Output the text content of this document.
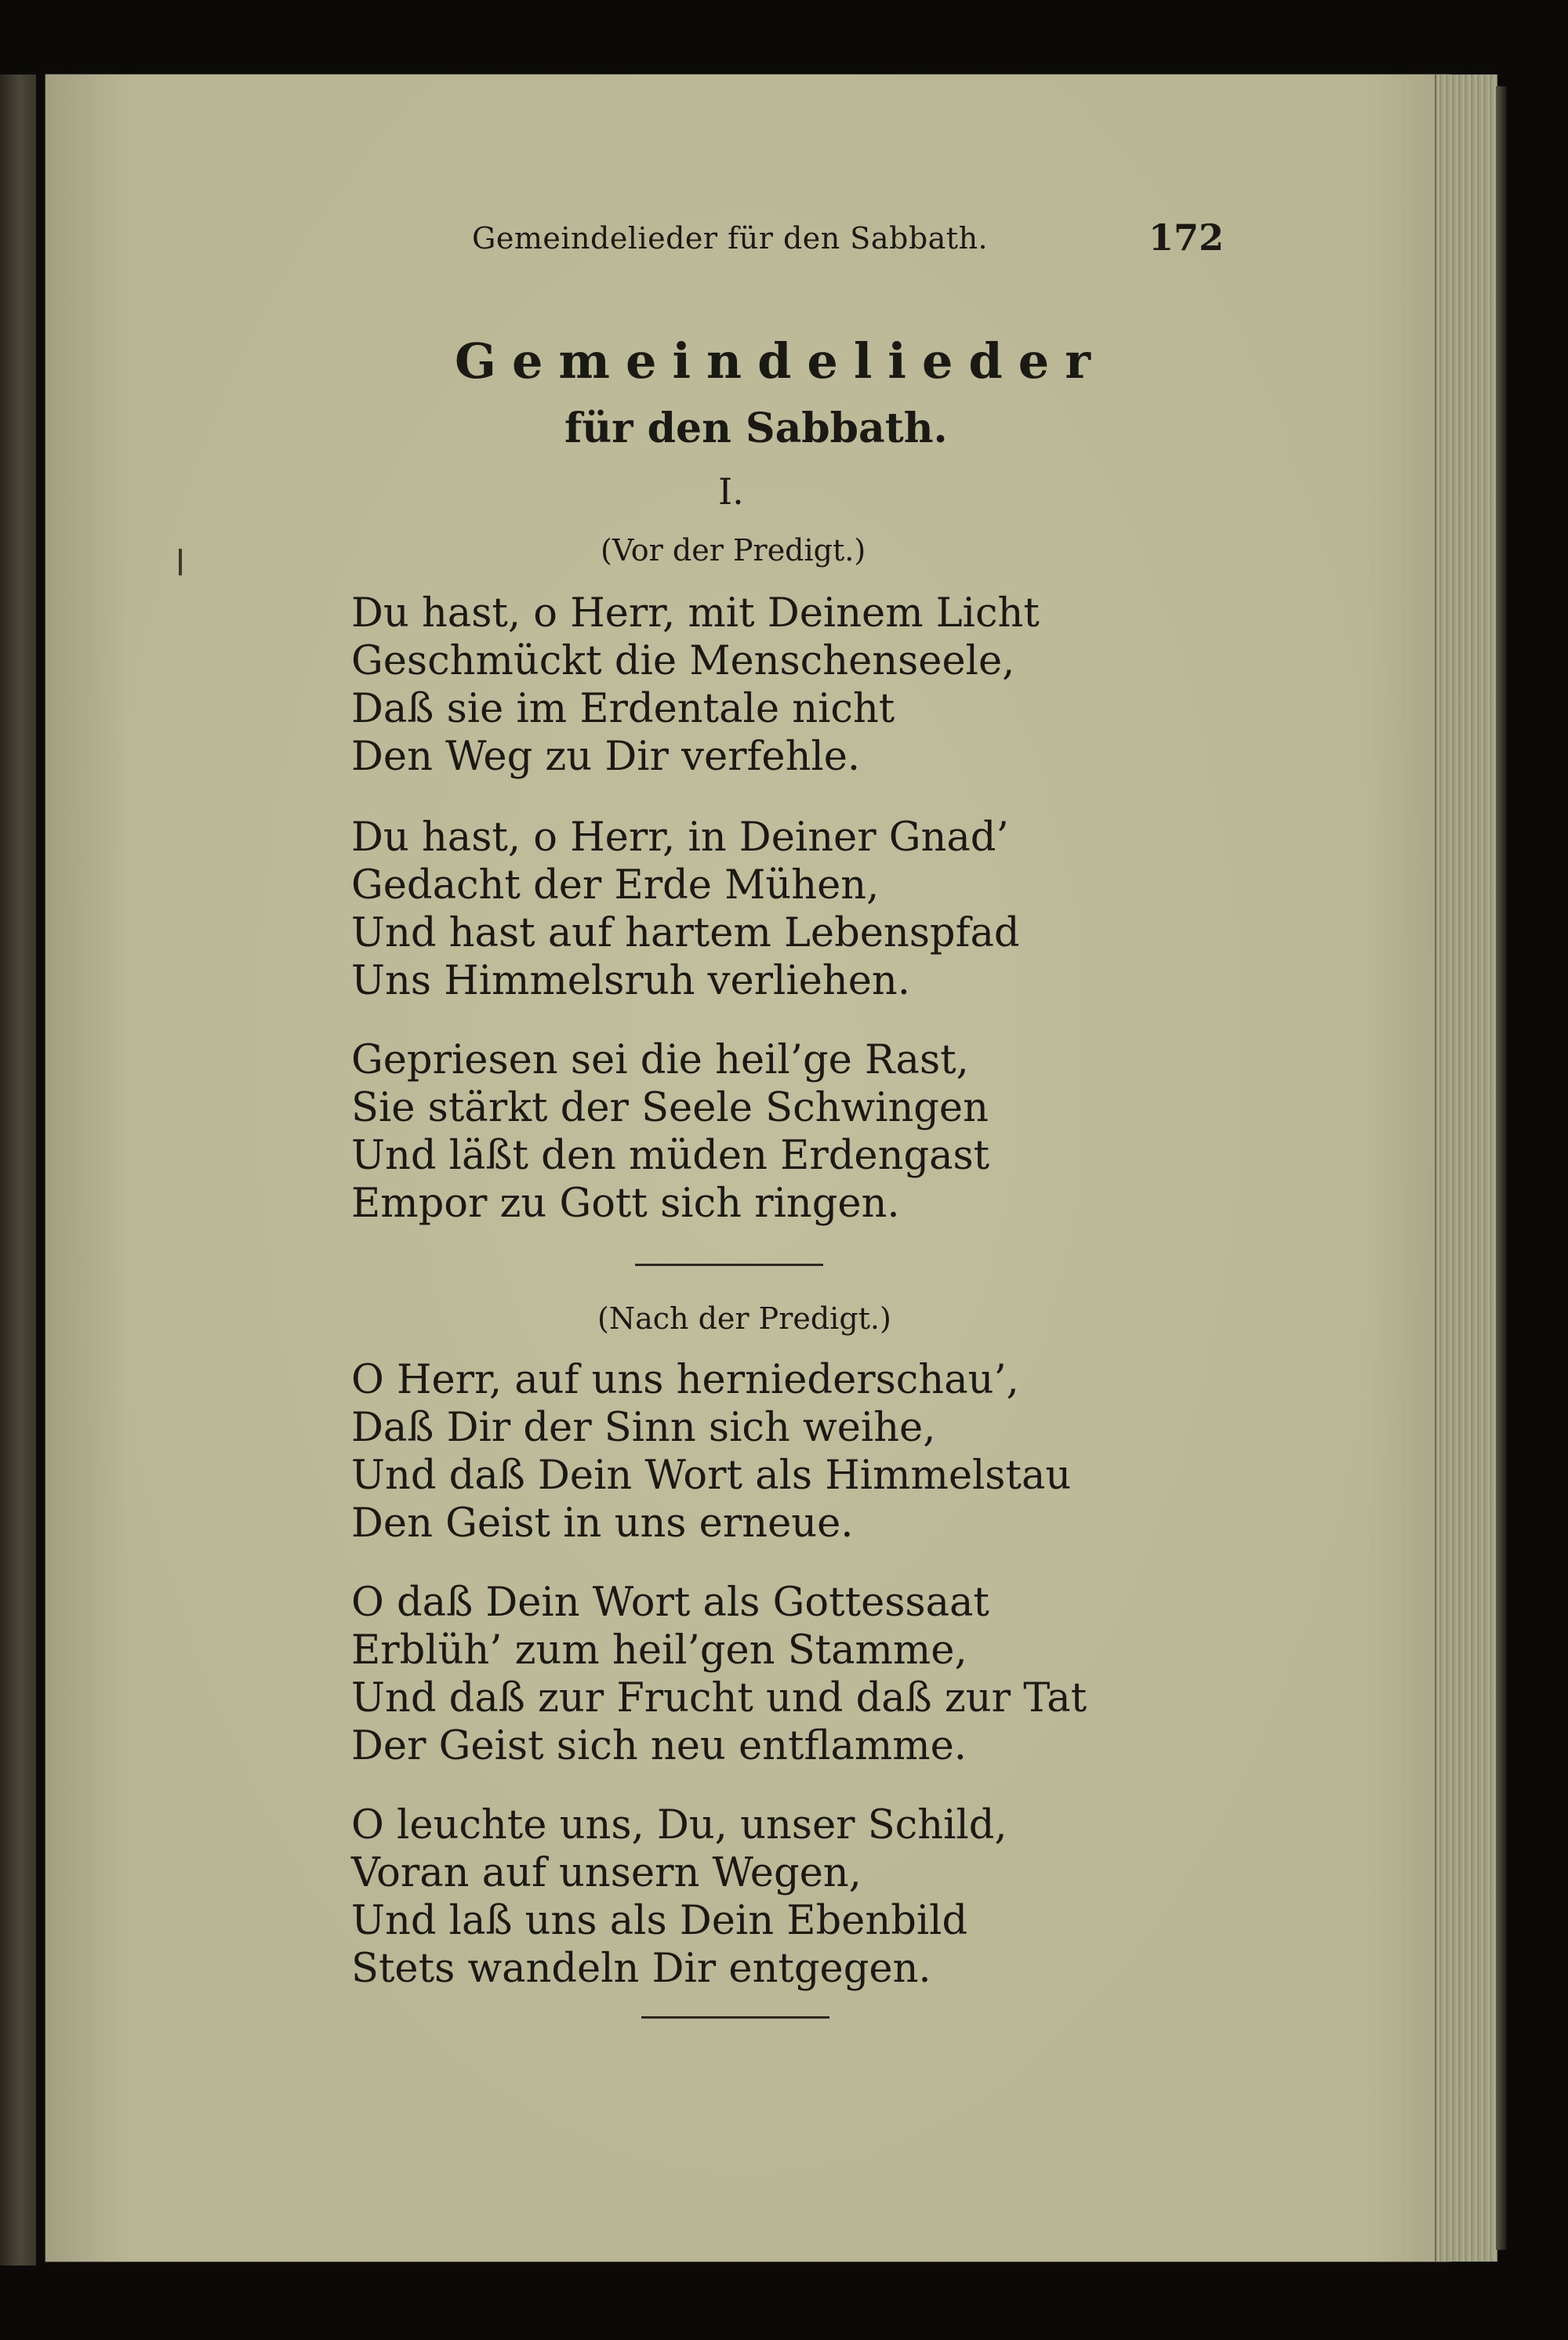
Gemeindelieder für den Sabbath.	172
Gemeindelieder
für den Sabbath.
I.
(Vor der Predigt.)
Du hast, o Herr, mit Deinem Licht
Geschmückt die Menschenseele,
Daß sie im Erdentale nicht
Den Weg zu Dir verfehle.
Du hast, o Herr, in Deiner Gnad’
Gedacht der Erde Mühen,
Und hast auf hartem Lebenspfad
Uns Himmelsruh verliehen.
Gepriesen sei die heil’ge Rast,
Sie stärkt der Seele Schwingen
Und läßt den müden Erdengast
Empor zu Gott sich ringen.
(Nach der Predigt.)
O Herr, auf uns herniederschau’,
Daß Dir der Sinn sich weihe,
Und daß Dein Wort als Himmelstau
Den Geist in uns erneue.
O daß Dein Wort als Gottessaat
Erblüh’ zum heil’gen Stamme,
Und daß zur Frucht und daß zur Tat
Der Geist sich neu entflamme.
O leuchte uns, Du, unser Schild,
Voran auf unsern Wegen,
Und laß uns als Dein Ebenbild
Stets wandeln Dir entgegen.
